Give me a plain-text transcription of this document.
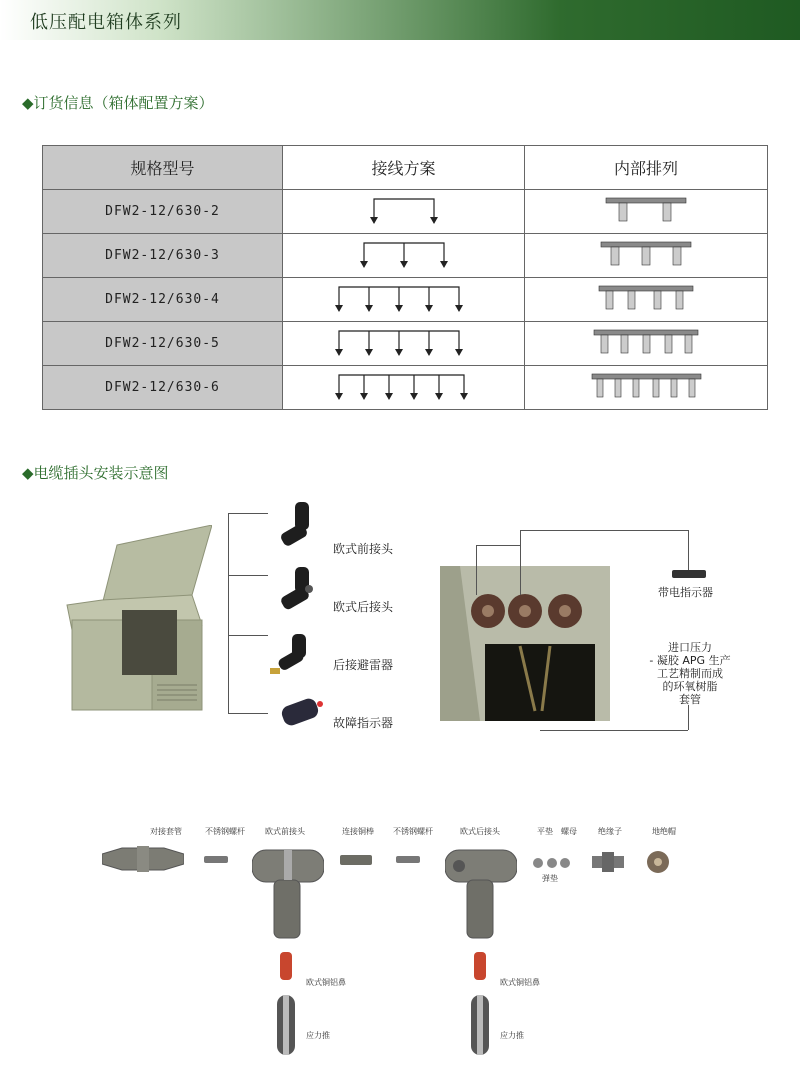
低压配电箱体系列
◆订货信息（箱体配置方案）
规格型号	接线方案	内部排列
DFW2-12/630-2		
DFW2-12/630-3		
DFW2-12/630-4		
DFW2-12/630-5		
DFW2-12/630-6		
◆电缆插头安装示意图
欧式前接头
欧式后接头
后接避雷器
故障指示器
带电指示器
进口压力
- 凝胶 APG 生产
工艺精制而成
的环氧树脂
套管
对接套管	不锈钢螺杆	欧式前接头	连接铜棒 不锈钢螺杆	欧式后接头	平垫 螺母
弹垫
绝缘子	地绝帽
欧式铜铝鼻
应力推
欧式铜铝鼻
应力推
